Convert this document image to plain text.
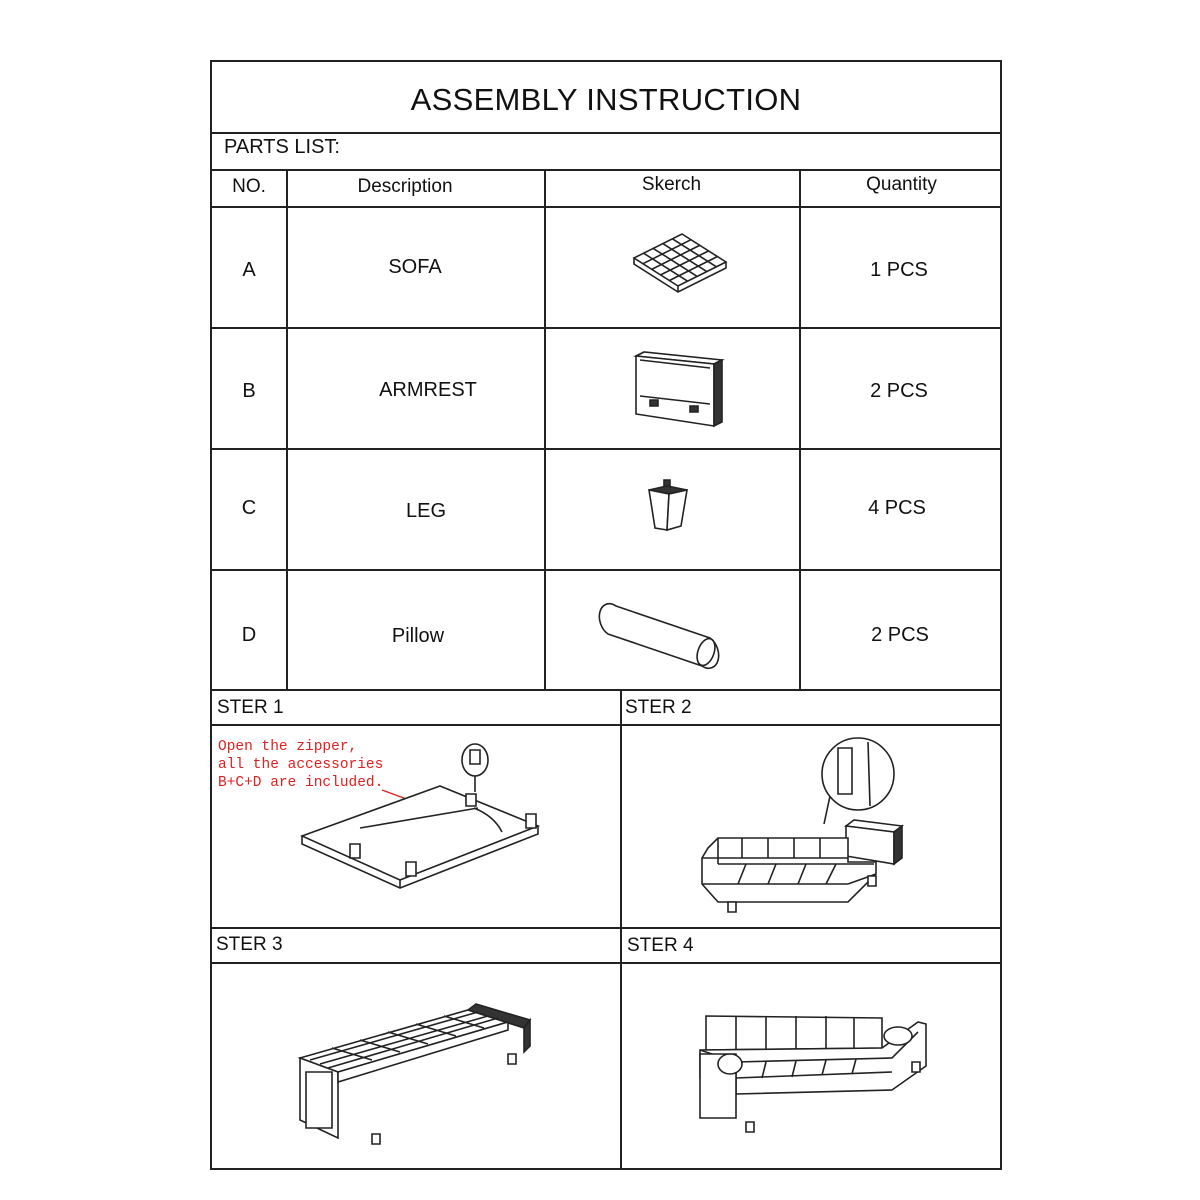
ASSEMBLY INSTRUCTION
PARTS LIST:
NO.	Description	Skerch	Quantity
A	SOFA	1 PCS
B	ARMREST	2 PCS
C	LEG	4 PCS
D	Pillow	2 PCS
STER 1	STER 2
STER 3	STER 4
Open the zipper,
all the accessories
B+C+D are included.
